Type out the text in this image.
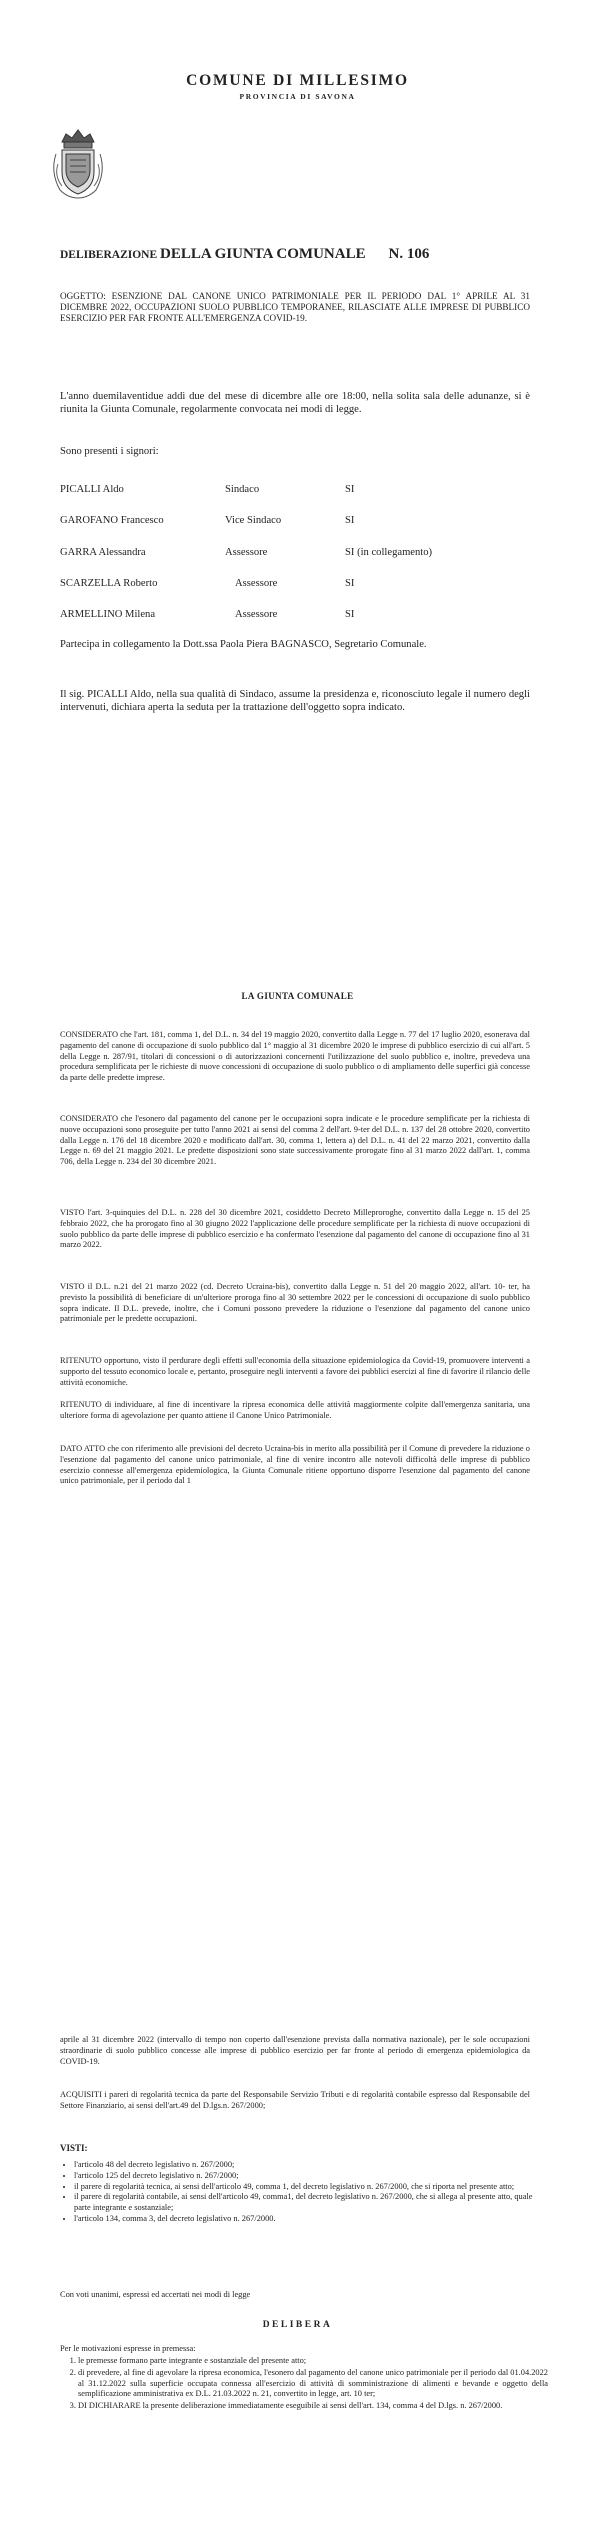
COMUNE DI MILLESIMO
PROVINCIA DI SAVONA
DELIBERAZIONE DELLA GIUNTA COMUNALE N. 106
OGGETTO: ESENZIONE DAL CANONE UNICO PATRIMONIALE PER IL PERIODO DAL 1° APRILE AL 31 DICEMBRE 2022, OCCUPAZIONI SUOLO PUBBLICO TEMPORANEE, RILASCIATE ALLE IMPRESE DI PUBBLICO ESERCIZIO PER FAR FRONTE ALL'EMERGENZA COVID-19.
L'anno duemilaventidue addì due del mese di dicembre alle ore 18:00, nella solita sala delle adunanze, si è riunita la Giunta Comunale, regolarmente convocata nei modi di legge.
Sono presenti i signori:
PICALLI Aldo	Sindaco	SI
GAROFANO Francesco	Vice Sindaco	SI
GARRA Alessandra	Assessore	SI (in collegamento)
SCARZELLA Roberto	Assessore	SI
ARMELLINO Milena	Assessore	SI
Partecipa in collegamento la Dott.ssa Paola Piera BAGNASCO, Segretario Comunale.
Il sig. PICALLI Aldo, nella sua qualità di Sindaco, assume la presidenza e, riconosciuto legale il numero degli intervenuti, dichiara aperta la seduta per la trattazione dell'oggetto sopra indicato.
LA GIUNTA COMUNALE
CONSIDERATO che l'art. 181, comma 1, del D.L. n. 34 del 19 maggio 2020, convertito dalla Legge n. 77 del 17 luglio 2020, esonerava dal pagamento del canone di occupazione di suolo pubblico dal 1° maggio al 31 dicembre 2020 le imprese di pubblico esercizio di cui all'art. 5 della Legge n. 287/91, titolari di concessioni o di autorizzazioni concernenti l'utilizzazione del suolo pubblico e, inoltre, prevedeva una procedura semplificata per le richieste di nuove concessioni di occupazione di suolo pubblico o di ampliamento delle superfici già concesse da parte delle predette imprese.
CONSIDERATO che l'esonero dal pagamento del canone per le occupazioni sopra indicate e le procedure semplificate per la richiesta di nuove occupazioni sono proseguite per tutto l'anno 2021 ai sensi del comma 2 dell'art. 9-ter del D.L. n. 137 del 28 ottobre 2020, convertito dalla Legge n. 176 del 18 dicembre 2020 e modificato dall'art. 30, comma 1, lettera a) del D.L. n. 41 del 22 marzo 2021, convertito dalla Legge n. 69 del 21 maggio 2021. Le predette disposizioni sono state successivamente prorogate fino al 31 marzo 2022 dall'art. 1, comma 706, della Legge n. 234 del 30 dicembre 2021.
VISTO l'art. 3-quinquies del D.L. n. 228 del 30 dicembre 2021, cosiddetto Decreto Milleproroghe, convertito dalla Legge n. 15 del 25 febbraio 2022, che ha prorogato fino al 30 giugno 2022 l'applicazione delle procedure semplificate per la richiesta di nuove occupazioni di suolo pubblico da parte delle imprese di pubblico esercizio e ha confermato l'esenzione dal pagamento del canone di occupazione fino al 31 marzo 2022.
VISTO il D.L. n.21 del 21 marzo 2022 (cd. Decreto Ucraina-bis), convertito dalla Legge n. 51 del 20 maggio 2022, all'art. 10- ter, ha previsto la possibilità di beneficiare di un'ulteriore proroga fino al 30 settembre 2022 per le concessioni di occupazione di suolo pubblico sopra indicate. Il D.L. prevede, inoltre, che i Comuni possono prevedere la riduzione o l'esenzione dal pagamento del canone unico patrimoniale per le predette occupazioni.
RITENUTO opportuno, visto il perdurare degli effetti sull'economia della situazione epidemiologica da Covid-19, promuovere interventi a supporto del tessuto economico locale e, pertanto, proseguire negli interventi a favore dei pubblici esercizi al fine di favorire il rilancio delle attività economiche.
RITENUTO di individuare, al fine di incentivare la ripresa economica delle attività maggiormente colpite dall'emergenza sanitaria, una ulteriore forma di agevolazione per quanto attiene il Canone Unico Patrimoniale.
DATO ATTO che con riferimento alle previsioni del decreto Ucraina-bis in merito alla possibilità per il Comune di prevedere la riduzione o l'esenzione dal pagamento del canone unico patrimoniale, al fine di venire incontro alle notevoli difficoltà delle imprese di pubblico esercizio connesse all'emergenza epidemiologica, la Giunta Comunale ritiene opportuno disporre l'esenzione dal pagamento del canone unico patrimoniale, per il periodo dal 1
aprile al 31 dicembre 2022 (intervallo di tempo non coperto dall'esenzione prevista dalla normativa nazionale), per le sole occupazioni straordinarie di suolo pubblico concesse alle imprese di pubblico esercizio per far fronte al periodo di emergenza epidemiologica da COVID-19.
ACQUISITI i pareri di regolarità tecnica da parte del Responsabile Servizio Tributi e di regolarità contabile espresso dal Responsabile del Settore Finanziario, ai sensi dell'art.49 del D.lgs.n. 267/2000;
VISTI:
• l'articolo 48 del decreto legislativo n. 267/2000;
• l'articolo 125 del decreto legislativo n. 267/2000;
• il parere di regolarità tecnica, ai sensi dell'articolo 49, comma 1, del decreto legislativo n. 267/2000, che si riporta nel presente atto;
• il parere di regolarità contabile, ai sensi dell'articolo 49, comma1, del decreto legislativo n. 267/2000, che si allega al presente atto, quale parte integrante e sostanziale;
• l'articolo 134, comma 3, del decreto legislativo n. 267/2000.
Con voti unanimi, espressi ed accertati nei modi di legge
DELIBERA
Per le motivazioni espresse in premessa:
1. le premesse formano parte integrante e sostanziale del presente atto;
2. di prevedere, al fine di agevolare la ripresa economica, l'esonero dal pagamento del canone unico patrimoniale per il periodo dal 01.04.2022 al 31.12.2022 sulla superficie occupata connessa all'esercizio di attività di somministrazione di alimenti e bevande e oggetto della semplificazione amministrativa ex D.L. 21.03.2022 n. 21, convertito in legge, art. 10 ter;
3. DI DICHIARARE la presente deliberazione immediatamente eseguibile ai sensi dell'art. 134, comma 4 del D.lgs. n. 267/2000.
